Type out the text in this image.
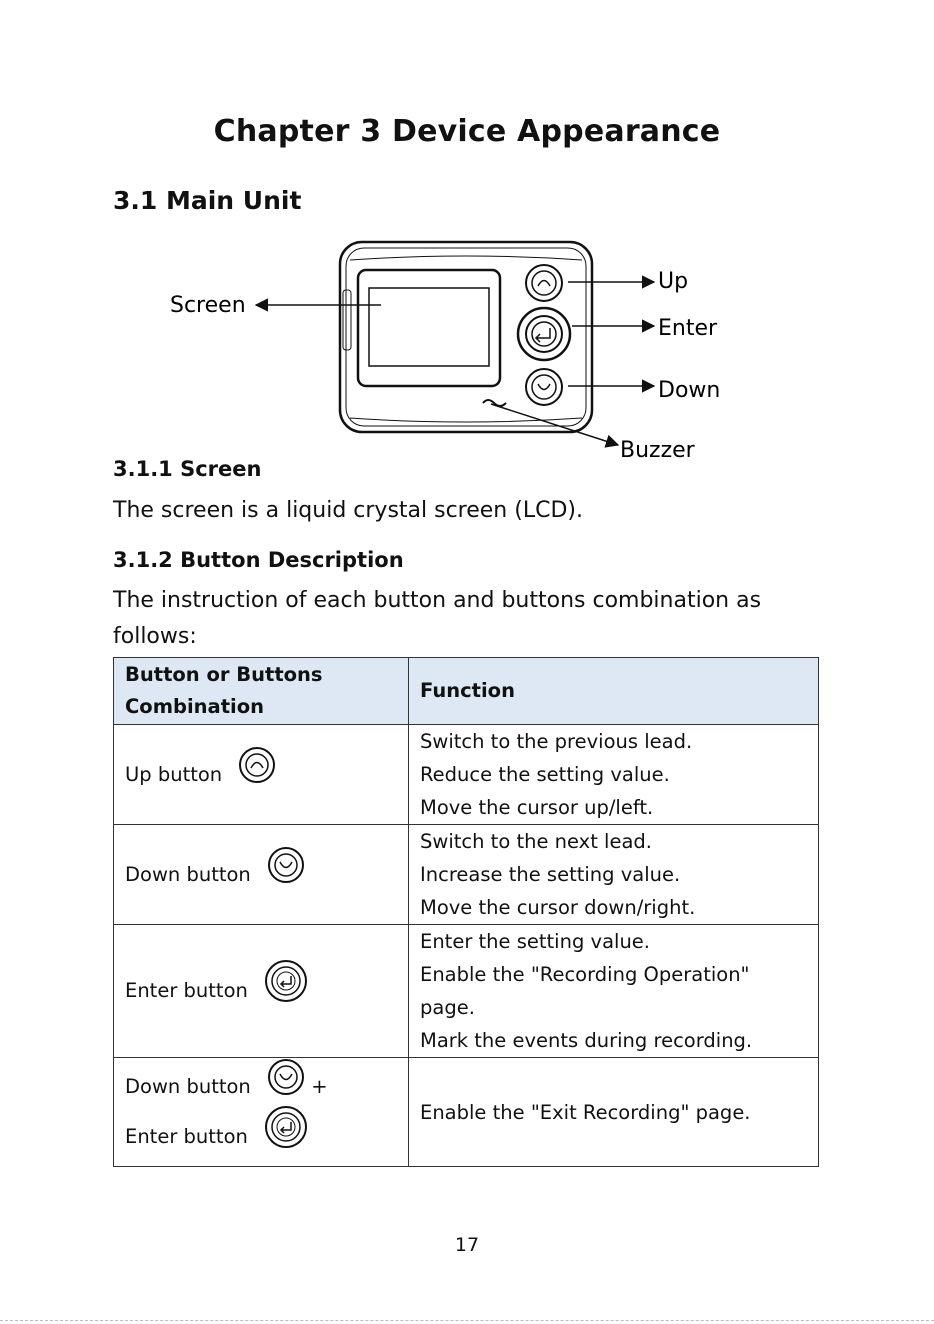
Chapter 3 Device Appearance
3.1 Main Unit
Screen
Up
Enter
Down
Buzzer
3.1.1 Screen
The screen is a liquid crystal screen (LCD).
3.1.2 Button Description
The instruction of each button and buttons combination as
follows:
Button or Buttons
Combination	Function
Up button	Switch to the previous lead.
Reduce the setting value.
Move the cursor up/left.

Down button	Switch to the next lead.
Increase the setting value.
Move the cursor down/right.

Enter button	Enter the setting value.
Enable the "Recording Operation"
page.
Mark the events during recording.

Down button +
Enter button	Enable the "Exit Recording" page.
17
